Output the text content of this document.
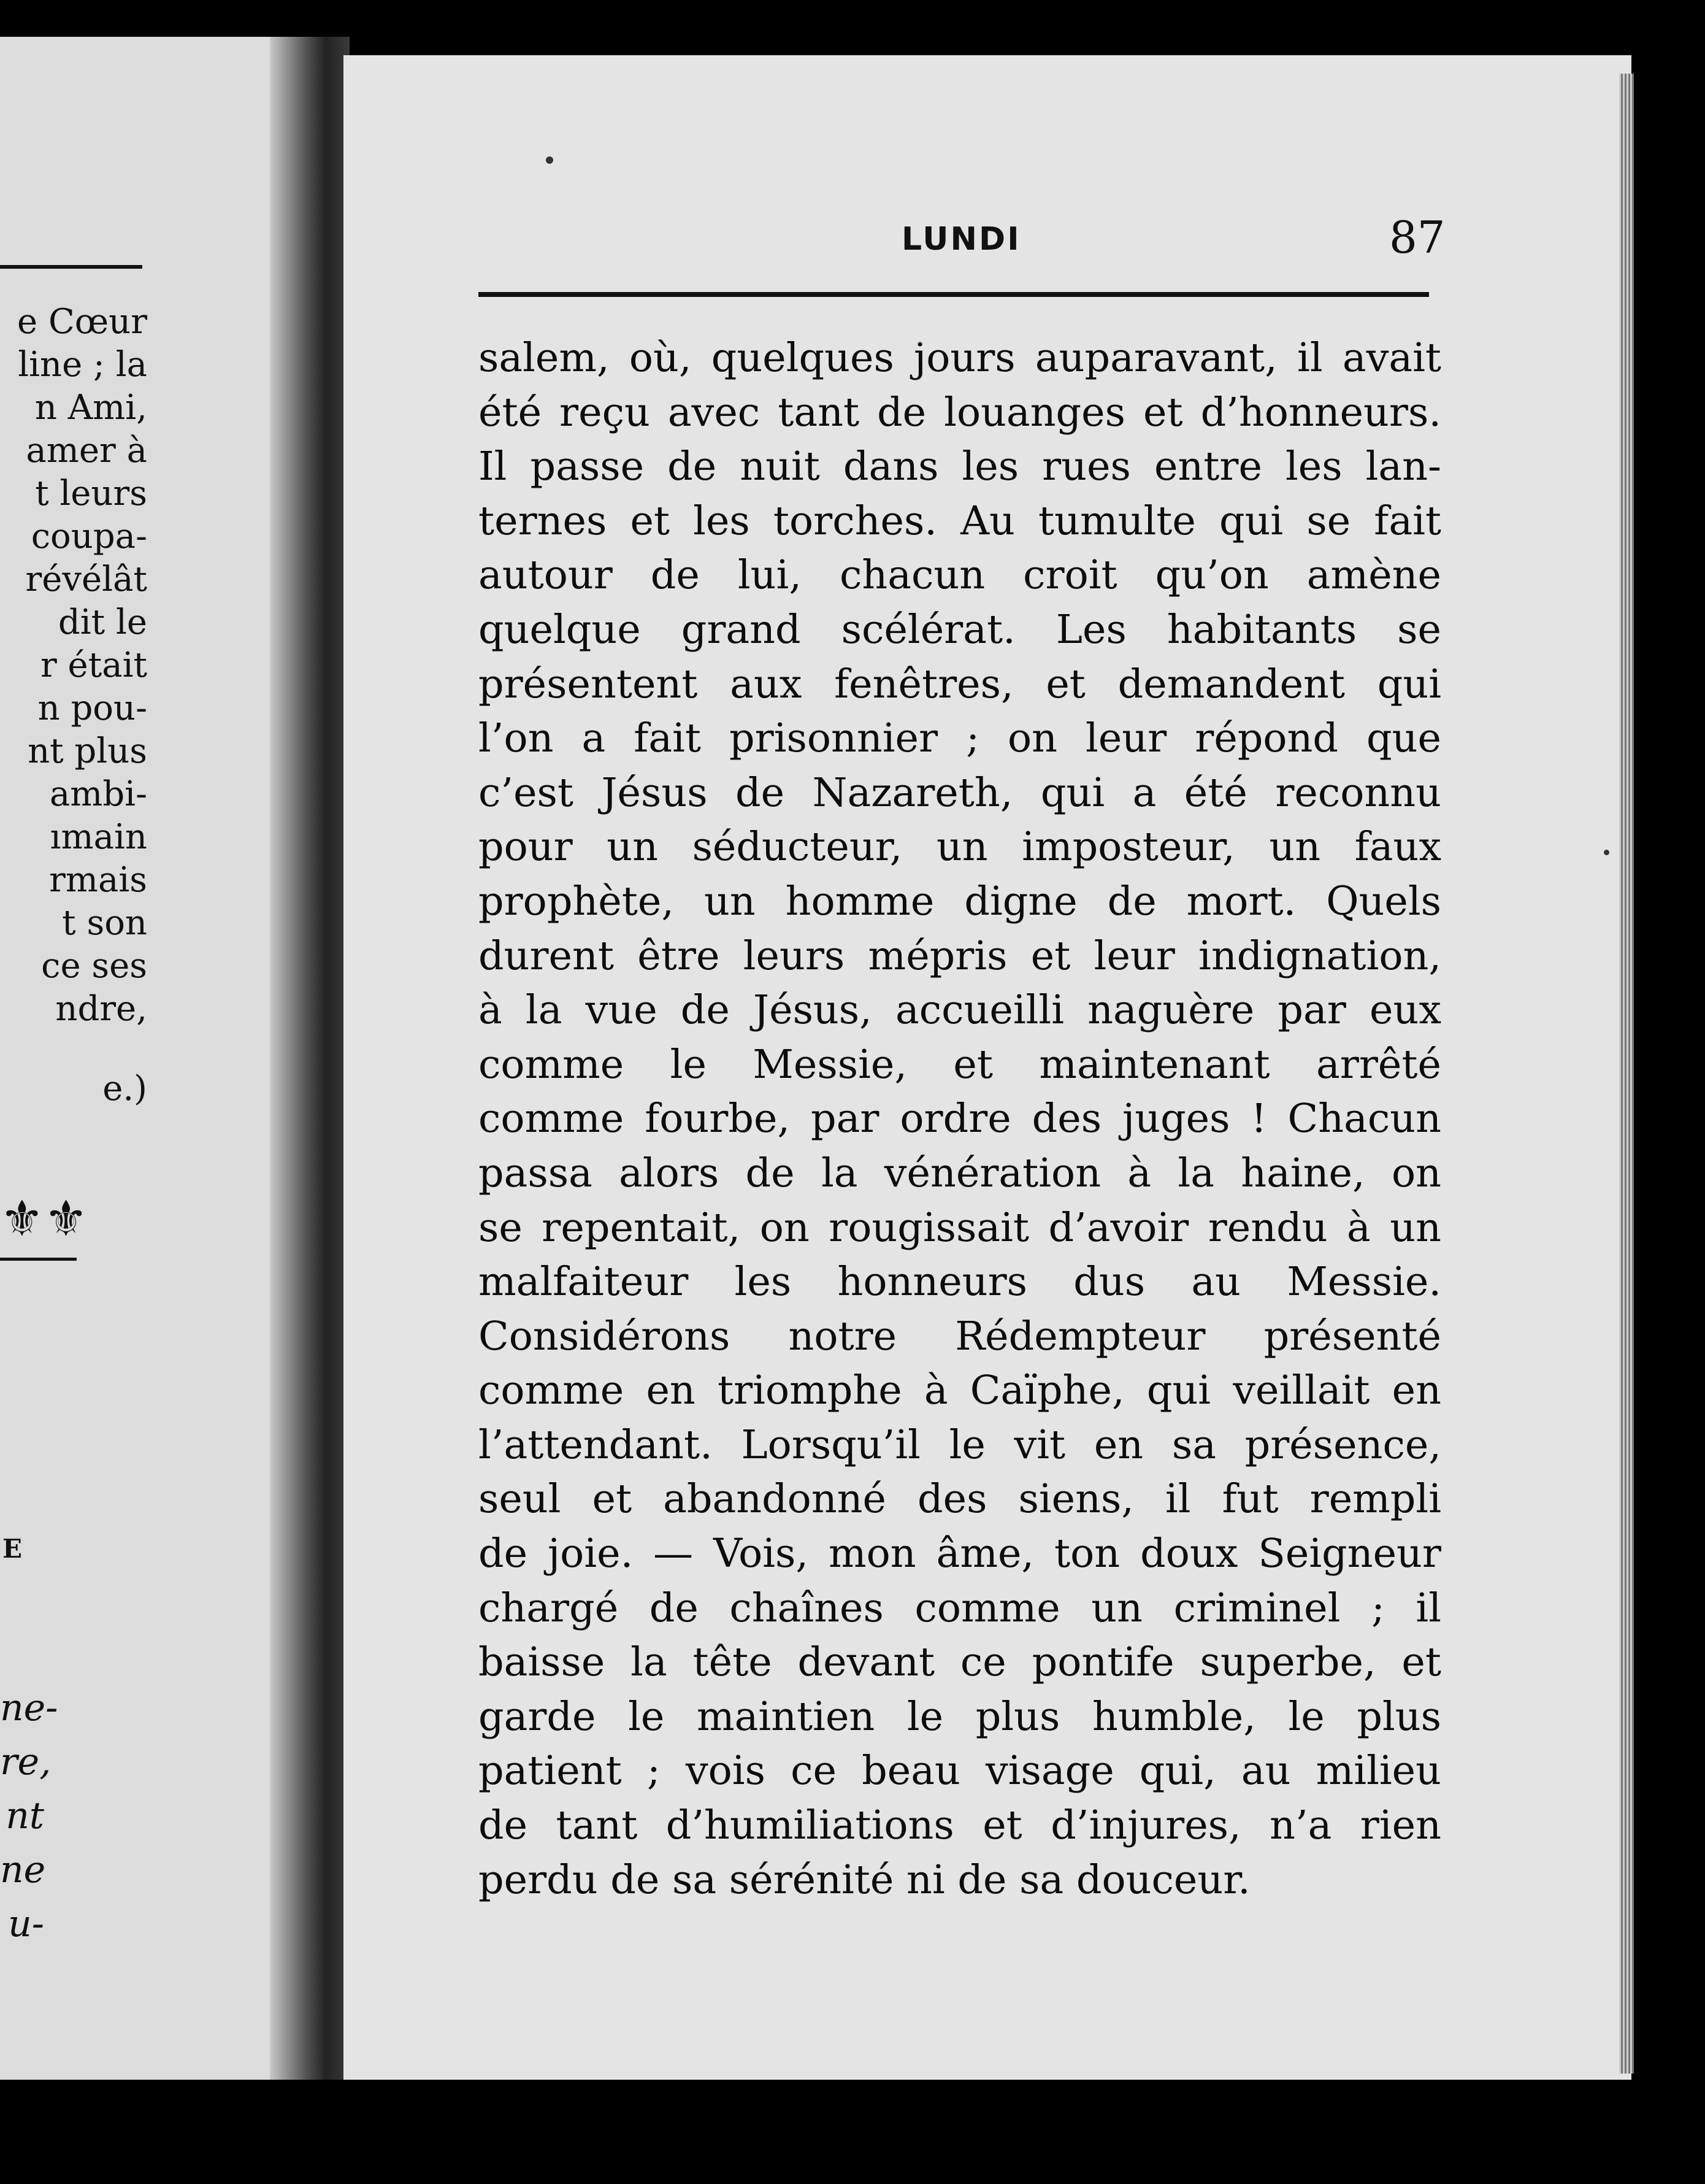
e Cœur
line ; la
n Ami,
amer à
t leurs
coupa-
révélât
dit le
r était
n pou-
nt plus
ambi-
ımain
rmais
t son
ce ses
ndre,
e.)
⚜⚜
E
ne-
re,
nt
ne
u-
LUNDI	87
salem, où, quelques jours auparavant, il avait
été reçu avec tant de louanges et d’honneurs.
Il passe de nuit dans les rues entre les lan-
ternes et les torches. Au tumulte qui se fait
autour de lui, chacun croit qu’on amène
quelque grand scélérat. Les habitants se
présentent aux fenêtres, et demandent qui
l’on a fait prisonnier ; on leur répond que
c’est Jésus de Nazareth, qui a été reconnu
pour un séducteur, un imposteur, un faux
prophète, un homme digne de mort. Quels
durent être leurs mépris et leur indignation,
à la vue de Jésus, accueilli naguère par eux
comme le Messie, et maintenant arrêté
comme fourbe, par ordre des juges ! Chacun
passa alors de la vénération à la haine, on
se repentait, on rougissait d’avoir rendu à un
malfaiteur les honneurs dus au Messie.
Considérons notre Rédempteur présenté
comme en triomphe à Caïphe, qui veillait en
l’attendant. Lorsqu’il le vit en sa présence,
seul et abandonné des siens, il fut rempli
de joie. — Vois, mon âme, ton doux Seigneur
chargé de chaînes comme un criminel ; il
baisse la tête devant ce pontife superbe, et
garde le maintien le plus humble, le plus
patient ; vois ce beau visage qui, au milieu
de tant d’humiliations et d’injures, n’a rien
perdu de sa sérénité ni de sa douceur.
